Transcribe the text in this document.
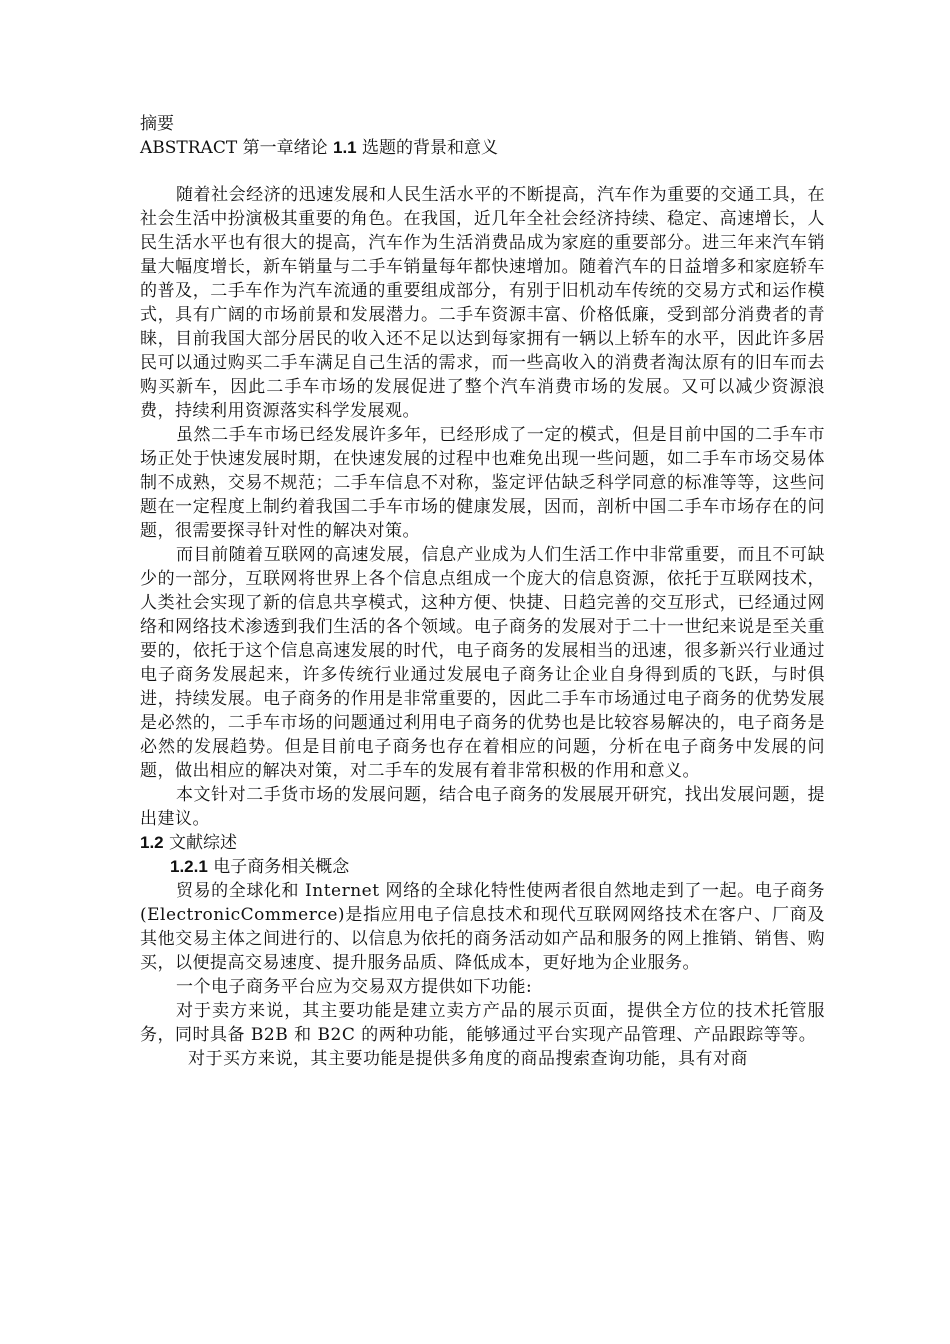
摘要

ABSTRACT 第一章绪论 1.1 选题的背景和意义

随着社会经济的迅速发展和人民生活水平的不断提高，汽车作为重要的交通工具，在社会生活中扮演极其重要的角色。在我国，近几年全社会经济持续、稳定、高速增长，人民生活水平也有很大的提高，汽车作为生活消费品成为家庭的重要部分。进三年来汽车销量大幅度增长，新车销量与二手车销量每年都快速增加。随着汽车的日益增多和家庭轿车的普及，二手车作为汽车流通的重要组成部分，有别于旧机动车传统的交易方式和运作模式，具有广阔的市场前景和发展潜力。二手车资源丰富、价格低廉，受到部分消费者的青睐，目前我国大部分居民的收入还不足以达到每家拥有一辆以上轿车的水平，因此许多居民可以通过购买二手车满足自己生活的需求，而一些高收入的消费者淘汰原有的旧车而去购买新车，因此二手车市场的发展促进了整个汽车消费市场的发展。又可以减少资源浪费，持续利用资源落实科学发展观。

虽然二手车市场已经发展许多年，已经形成了一定的模式，但是目前中国的二手车市场正处于快速发展时期，在快速发展的过程中也难免出现一些问题，如二手车市场交易体制不成熟，交易不规范；二手车信息不对称，鉴定评估缺乏科学同意的标准等等，这些问题在一定程度上制约着我国二手车市场的健康发展，因而，剖析中国二手车市场存在的问题，很需要探寻针对性的解决对策。

而目前随着互联网的高速发展，信息产业成为人们生活工作中非常重要，而且不可缺少的一部分，互联网将世界上各个信息点组成一个庞大的信息资源，依托于互联网技术，人类社会实现了新的信息共享模式，这种方便、快捷、日趋完善的交互形式，已经通过网络和网络技术渗透到我们生活的各个领域。电子商务的发展对于二十一世纪来说是至关重要的，依托于这个信息高速发展的时代，电子商务的发展相当的迅速，很多新兴行业通过电子商务发展起来，许多传统行业通过发展电子商务让企业自身得到质的飞跃，与时俱进，持续发展。电子商务的作用是非常重要的，因此二手车市场通过电子商务的优势发展是必然的，二手车市场的问题通过利用电子商务的优势也是比较容易解决的，电子商务是必然的发展趋势。但是目前电子商务也存在着相应的问题，分析在电子商务中发展的问题，做出相应的解决对策，对二手车的发展有着非常积极的作用和意义。

本文针对二手货市场的发展问题，结合电子商务的发展展开研究，找出发展问题，提出建议。

1.2 文献综述

1.2.1 电子商务相关概念

贸易的全球化和 Internet 网络的全球化特性使两者很自然地走到了一起。电子商务(ElectronicCommerce)是指应用电子信息技术和现代互联网网络技术在客户、厂商及其他交易主体之间进行的、以信息为依托的商务活动如产品和服务的网上推销、销售、购买，以便提高交易速度、提升服务品质、降低成本，更好地为企业服务。

一个电子商务平台应为交易双方提供如下功能:

对于卖方来说，其主要功能是建立卖方产品的展示页面，提供全方位的技术托管服务，同时具备 B2B 和 B2C 的两种功能，能够通过平台实现产品管理、产品跟踪等等。

对于买方来说，其主要功能是提供多角度的商品搜索查询功能，具有对商
